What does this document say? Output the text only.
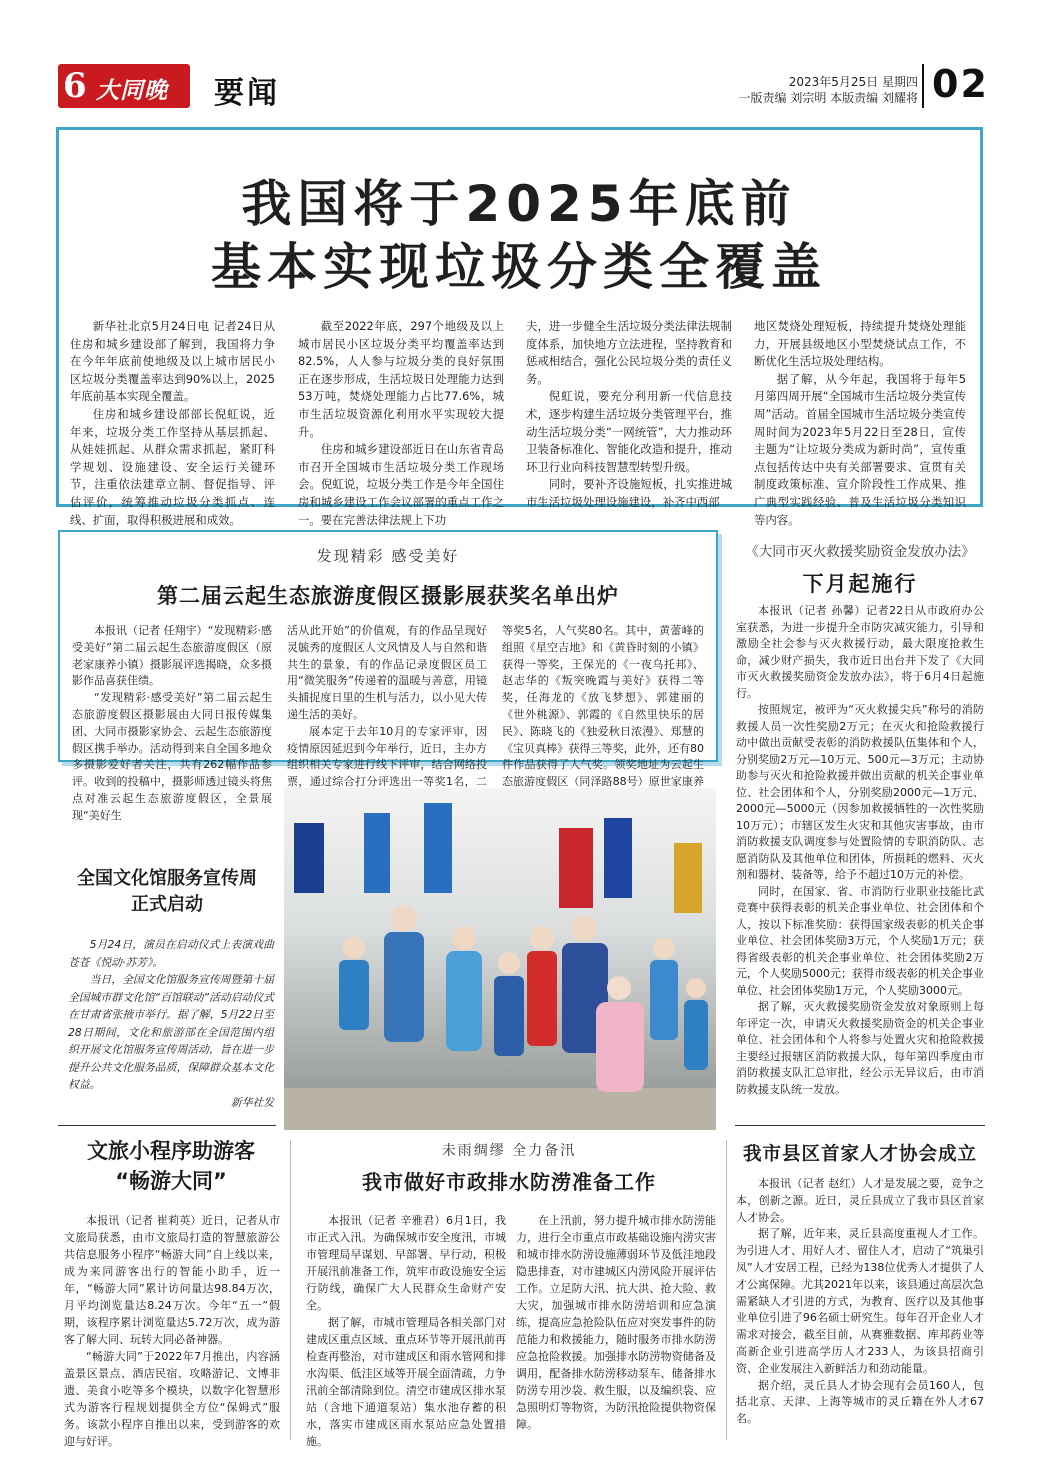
6 大同晚报
要闻	2023年5月25日 星期四
一版责编 刘宗明 本版责编 刘耀将 02
我国将于2025年底前
基本实现垃圾分类全覆盖

新华社北京5月24日电 记者24日从住房和城乡建设部了解到，我国将力争在今年年底前使地级及以上城市居民小区垃圾分类覆盖率达到90%以上，2025年底前基本实现全覆盖。

住房和城乡建设部部长倪虹说，近年来，垃圾分类工作坚持从基层抓起、从娃娃抓起、从群众需求抓起，紧盯科学规划、设施建设、安全运行关键环节，注重依法建章立制、督促指导、评估评价，统筹推动垃圾分类抓点、连线、扩面，取得积极进展和成效。

截至2022年底，297个地级及以上城市居民小区垃圾分类平均覆盖率达到82.5%，人人参与垃圾分类的良好氛围正在逐步形成，生活垃圾日处理能力达到53万吨，焚烧处理能力占比77.6%，城市生活垃圾资源化利用水平实现较大提升。

住房和城乡建设部近日在山东省青岛市召开全国城市生活垃圾分类工作现场会。倪虹说，垃圾分类工作是今年全国住房和城乡建设工作会议部署的重点工作之一。要在完善法律法规上下功

夫，进一步健全生活垃圾分类法律法规制度体系，加快地方立法进程，坚持教育和惩戒相结合，强化公民垃圾分类的责任义务。

倪虹说，要充分利用新一代信息技术，逐步构建生活垃圾分类管理平台，推动生活垃圾分类“一网统管”，大力推动环卫装备标准化、智能化改造和提升，推动环卫行业向科技智慧型转型升级。

同时，要补齐设施短板，扎实推进城市生活垃圾处理设施建设，补齐中西部

地区焚烧处理短板，持续提升焚烧处理能力，开展县级地区小型焚烧试点工作，不断优化生活垃圾处理结构。

据了解，从今年起，我国将于每年5月第四周开展“全国城市生活垃圾分类宣传周”活动。首届全国城市生活垃圾分类宣传周时间为2023年5月22日至28日，宣传主题为“让垃圾分类成为新时尚”，宣传重点包括传达中央有关部署要求、宣贯有关制度政策标准、宣介阶段性工作成果、推广典型实践经验、普及生活垃圾分类知识等内容。

发现精彩 感受美好
第二届云起生态旅游度假区摄影展获奖名单出炉

本报讯（记者 任翔宇）“发现精彩·感受美好”第二届云起生态旅游度假区（原老家康养小镇）摄影展评选揭晓，众多摄影作品喜获佳绩。

“发现精彩·感受美好”第二届云起生态旅游度假区摄影展由大同日报传媒集团、大同市摄影家协会、云起生态旅游度假区携手举办。活动得到来自全国多地众多摄影爱好者关注，共有262幅作品参评。收到的投稿中，摄影师透过镜头将焦点对准云起生态旅游度假区，全景展现“美好生

活从此开始”的价值观，有的作品呈现好灵毓秀的度假区人文风情及人与自然和谐共生的景象，有的作品记录度假区员工用“微笑服务”传递着的温暖与善意，用镜头捕捉度日里的生机与活力，以小见大传递生活的美好。

展本定于去年10月的专家评审，因疫情原因延迟到今年举行，近日，主办方组织相关专家进行线下评审，结合网络投票，通过综合打分评选出一等奖1名，二

等奖5名，人气奖80名。其中，黄蕾峰的组照《星空吉地》和《黄昏时刻的小镇》获得一等奖，王保光的《一夜乌托邦》、赵志华的《叛突晚霞与美好》获得二等奖，任海龙的《放飞梦想》、郭建丽的《世外桃源》、郭霞的《自然里快乐的居民》、陈晓飞的《独爱秋日浓漫》、郑慧的《宝贝真棒》获得三等奖，此外，还有80件作品获得了人气奖。领奖地址为云起生态旅游度假区（同泽路88号）原世家康养

全国文化馆服务宣传周
正式启动

5月24日，演员在启动仪式上表演戏曲苍苍《悦动·苏芳》。

当日，全国文化馆服务宣传周暨第十届全国城市群文化馆“百馆联动”活动启动仪式在甘肃省张掖市举行。据了解，5月22日至28日期间，文化和旅游部在全国范围内组织开展文化馆服务宣传周活动，旨在进一步提升公共文化服务品质，保障群众基本文化权益。

新华社发

《大同市灭火救援奖励资金发放办法》
下月起施行

本报讯（记者 孙馨）记者22日从市政府办公室获悉，为进一步提升全市防灾减灾能力，引导和激励全社会参与灭火救援行动，最大限度抢救生命，减少财产损失，我市近日出台并下发了《大同市灭火救援奖励资金发放办法》，将于6月4日起施行。

按照规定，被评为“灭火救援尖兵”称号的消防救援人员一次性奖励2万元；在灭火和抢险救援行动中做出贡献受表彰的消防救援队伍集体和个人，分别奖励2万元—10万元、500元—3万元；主动协助参与灭火和抢险救援并做出贡献的机关企事业单位、社会团体和个人，分别奖励2000元—1万元、2000元—5000元（因参加救援牺牲的一次性奖励10万元）；市辖区发生火灾和其他灾害事故，由市消防救援支队调度参与处置险情的专职消防队、志愿消防队及其他单位和团体，所损耗的燃料、灭火剂和器材、装备等，给予不超过10万元的补偿。

同时，在国家、省、市消防行业职业技能比武竞赛中获得表彰的机关企事业单位、社会团体和个人，按以下标准奖励：获得国家级表彰的机关企事业单位、社会团体奖励3万元，个人奖励1万元；获得省级表彰的机关企事业单位、社会团体奖励2万元，个人奖励5000元；获得市级表彰的机关企事业单位、社会团体奖励1万元，个人奖励3000元。

据了解，灭火救援奖励资金发放对象原则上每年评定一次，申请灭火救援奖励资金的机关企事业单位、社会团体和个人将参与处置火灾和抢险救援主要经过报辖区消防救援大队，每年第四季度由市消防救援支队汇总审批，经公示无异议后，由市消防救援支队统一发放。

文旅小程序助游客
“畅游大同”

本报讯（记者 崔莉英）近日，记者从市文旅局获悉，由市文旅局打造的智慧旅游公共信息服务小程序“畅游大同”自上线以来，成为来同游客出行的智能小助手，近一年，“畅游大同”累计访问量达98.84万次，月平均浏览量达8.24万次。今年“五一”假期，该程序累计浏览量达5.72万次，成为游客了解大同、玩转大同必备神器。

“畅游大同”于2022年7月推出，内容涵盖景区景点、酒店民宿、攻略游记、文博非遗、美食小吃等多个模块，以数字化智慧形式为游客行程规划提供全方位“保姆式”服务。该款小程序自推出以来，受到游客的欢迎与好评。

未雨绸缪 全力备汛
我市做好市政排水防涝准备工作

本报讯（记者 辛雅君）6月1日，我市正式入汛。为确保城市安全度汛，市城市管理局早谋划、早部署、早行动，积极开展汛前准备工作，筑牢市政设施安全运行防线，确保广大人民群众生命财产安全。

据了解，市城市管理局各相关部门对建成区重点区域、重点环节等开展汛前再检查再整治，对市建成区和雨水管网和排水沟渠、低洼区域等开展全面清疏，力争汛前全部清除到位。清空市建成区排水泵站（含地下通道泵站）集水池存蓄的积水，落实市建成区雨水泵站应急处置措施。

在上汛前，努力提升城市排水防涝能力，进行全市重点市政基础设施内涝灾害和城市排水防涝设施薄弱环节及低洼地段隐患排查，对市建城区内涝风险开展评估工作。立足防大汛、抗大洪、抢大险、救大灾，加强城市排水防涝培训和应急演练，提高应急抢险队伍应对突发事件的防范能力和救援能力，随时服务市排水防涝应急抢险救援。加强排水防涝物资储备及调用，配备排水防涝移动泵车、储备排水防涝专用沙袋、救生服，以及编织袋、应急照明灯等物资，为防汛抢险提供物资保障。

我市县区首家人才协会成立

本报讯（记者 赵红）人才是发展之要，竞争之本，创新之源。近日，灵丘县成立了我市县区首家人才协会。

据了解，近年来，灵丘县高度重视人才工作。为引进人才、用好人才、留住人才，启动了“筑巢引凤”人才安居工程，已经为138位优秀人才提供了人才公寓保障。尤其2021年以来，该县通过高层次急需紧缺人才引进的方式，为教育、医疗以及其他事业单位引进了96名硕士研究生。每年召开企业人才需求对接会，截至目前，从赛雅数据、库邦药业等高新企业引进高学历人才233人，为该县招商引资、企业发展注入新鲜活力和劲动能量。

据介绍，灵丘县人才协会现有会员160人，包括北京、天津、上海等城市的灵丘籍在外人才67名。
